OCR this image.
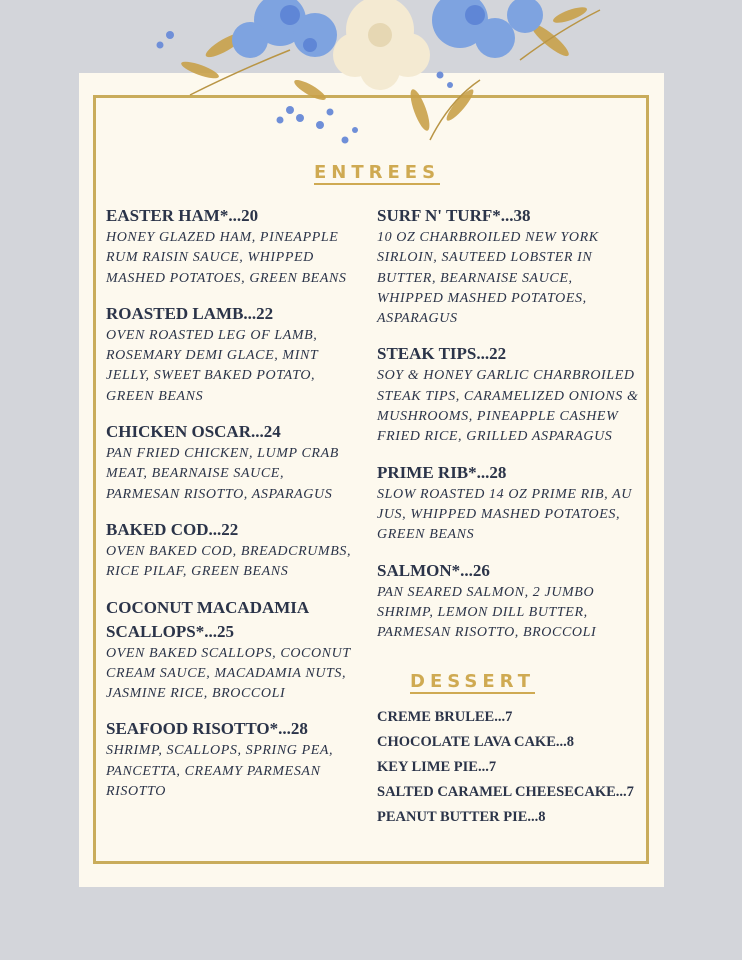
ENTREES
EASTER HAM*...20
HONEY GLAZED HAM, PINEAPPLE RUM RAISIN SAUCE, WHIPPED MASHED POTATOES, GREEN BEANS
ROASTED LAMB...22
OVEN ROASTED LEG OF LAMB, ROSEMARY DEMI GLACE, MINT JELLY, SWEET BAKED POTATO, GREEN BEANS
CHICKEN OSCAR...24
PAN FRIED CHICKEN, LUMP CRAB MEAT, BEARNAISE SAUCE, PARMESAN RISOTTO, ASPARAGUS
BAKED COD...22
OVEN BAKED COD, BREADCRUMBS, RICE PILAF, GREEN BEANS
COCONUT MACADAMIA SCALLOPS*...25
OVEN BAKED SCALLOPS, COCONUT CREAM SAUCE, MACADAMIA NUTS, JASMINE RICE, BROCCOLI
SEAFOOD RISOTTO*...28
SHRIMP, SCALLOPS, SPRING PEA, PANCETTA, CREAMY PARMESAN RISOTTO
SURF N' TURF*...38
10 OZ CHARBROILED NEW YORK SIRLOIN, SAUTEED LOBSTER IN BUTTER, BEARNAISE SAUCE, WHIPPED MASHED POTATOES, ASPARAGUS
STEAK TIPS...22
SOY & HONEY GARLIC CHARBROILED STEAK TIPS, CARAMELIZED ONIONS & MUSHROOMS, PINEAPPLE CASHEW FRIED RICE, GRILLED ASPARAGUS
PRIME RIB*...28
SLOW ROASTED 14 OZ PRIME RIB, AU JUS, WHIPPED MASHED POTATOES, GREEN BEANS
SALMON*...26
PAN SEARED SALMON, 2 JUMBO SHRIMP, LEMON DILL BUTTER, PARMESAN RISOTTO, BROCCOLI
DESSERT
CREME BRULEE...7
CHOCOLATE LAVA CAKE...8
KEY LIME PIE...7
SALTED CARAMEL CHEESECAKE...7
PEANUT BUTTER PIE...8
